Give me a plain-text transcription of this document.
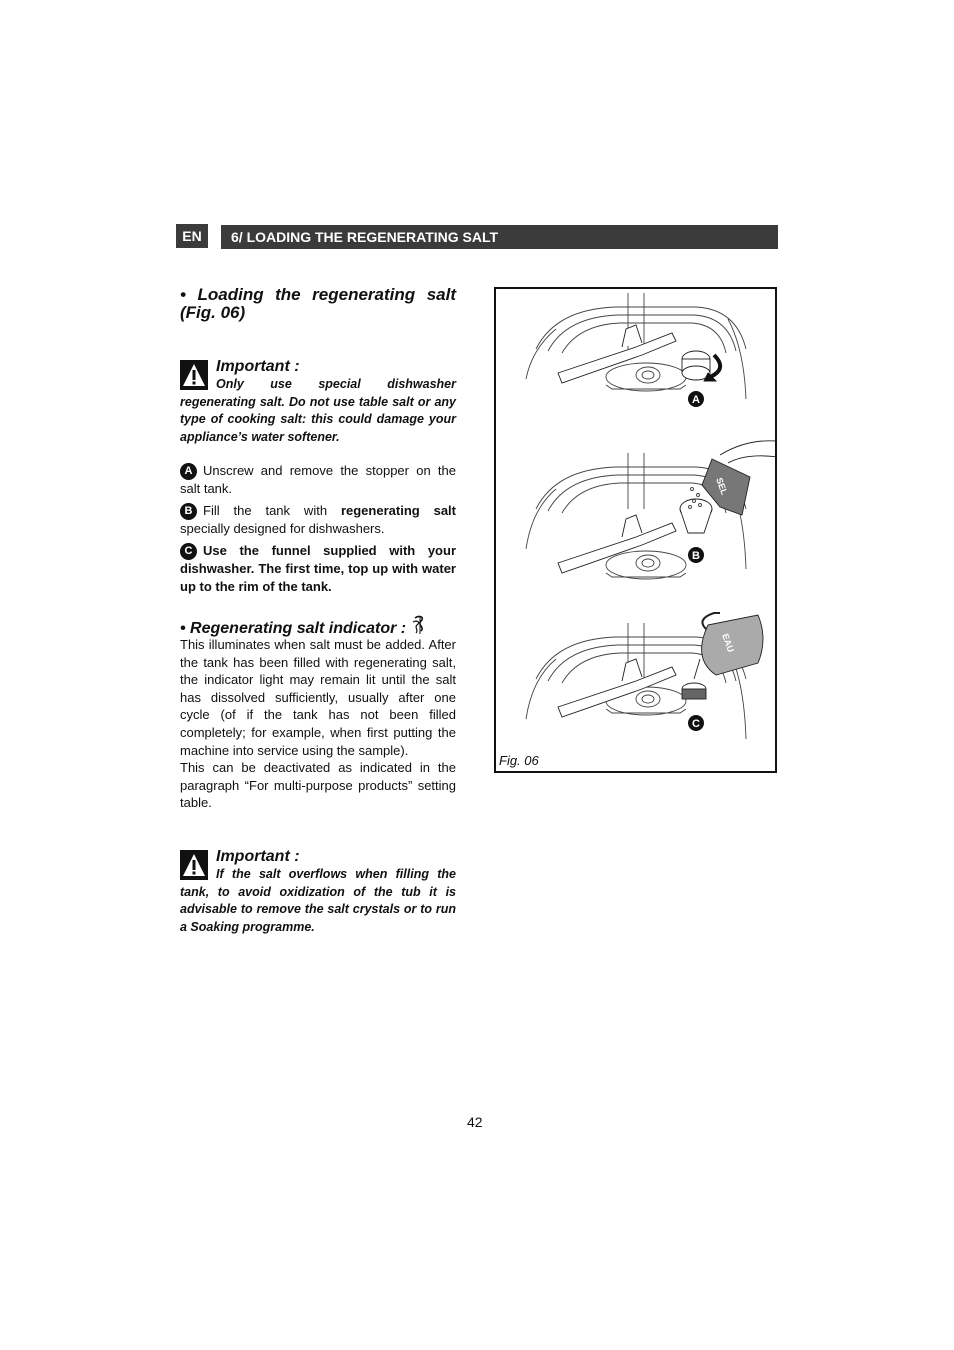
EN	6/ LOADING THE REGENERATING SALT
• Loading the regenerating salt (Fig. 06)
Important :
Only use special dishwasher regenerating salt. Do not use table salt or any type of cooking salt: this could damage your appliance’s water softener.
A Unscrew and remove the stopper on the salt tank.
B Fill the tank with regenerating salt specially designed for dishwashers.
C Use the funnel supplied with your dishwasher. The first time, top up with water up to the rim of the tank.
• Regenerating salt indicator :
This illuminates when salt must be added. After the tank has been filled with regenerating salt, the indicator light may remain lit until the salt has dissolved sufficiently, usually after one cycle (of if the tank has not been filled completely; for example, when first putting the machine into service using the sample).
This can be deactivated as indicated in the paragraph “For multi-purpose products” setting table.
Important :
If the salt overflows when filling the tank, to avoid oxidization of the tub it is advisable to remove the salt crystals or to run a Soaking programme.
A
SEL
B
EAU
C
Fig. 06
42
